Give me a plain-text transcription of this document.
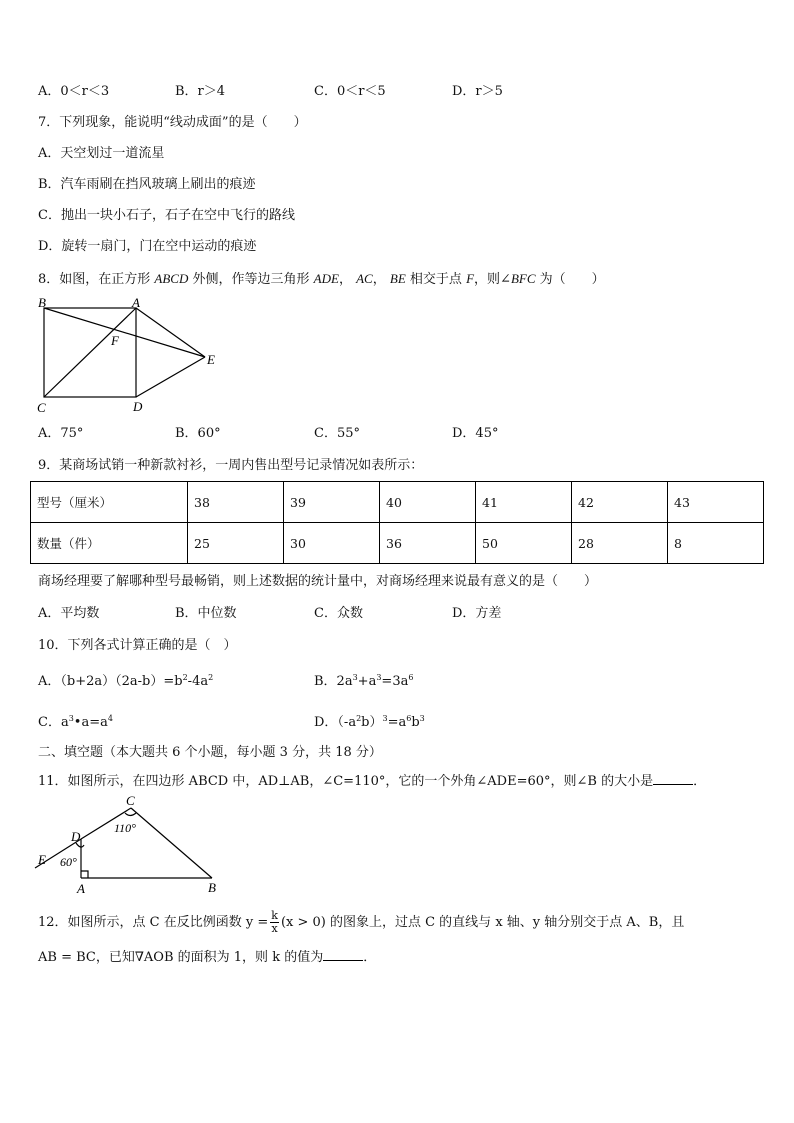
A．0＜r＜3	B．r＞4	C．0＜r＜5	D．r＞5
7．下列现象，能说明“线动成面”的是（　　）
A．天空划过一道流星
B．汽车雨刷在挡风玻璃上刷出的痕迹
C．抛出一块小石子，石子在空中飞行的路线
D．旋转一扇门，门在空中运动的痕迹
8．如图，在正方形 ABCD 外侧，作等边三角形 ADE， AC， BE 相交于点 F，则∠BFC 为（　　）
B	A
F
E
C	D
A．75°	B．60°	C．55°	D．45°
9．某商场试销一种新款衬衫，一周内售出型号记录情况如表所示：
型号（厘米）	38	39	40	41	42	43
数量（件）	25	30	36	50	28	8
商场经理要了解哪种型号最畅销，则上述数据的统计量中，对商场经理来说最有意义的是（　　）
A．平均数	B．中位数	C．众数	D．方差
10．下列各式计算正确的是（　）
A．$(b+2a)(2a-b)=b^2-4a^2$	B．$2a^3+a^3=3a^6$
C．$a^3•a=a^4$	D．$(-a^2b)^3=a^6b^3$
二、填空题（本大题共 6 个小题，每小题 3 分，共 18 分）
11．如图所示，在四边形 ABCD 中，AD⊥AB，∠C=110°，它的一个外角∠ADE=60°，则∠B 的大小是	．
C
110°
D
E 60°
A	B
12．如图所示，点 C 在反比例函数 $y = \frac{k}{x} (x > 0)$ 的图象上，过点 C 的直线与 x 轴、y 轴分别交于点 A、B，且
AB = BC，已知∇AOB 的面积为 1，则 k 的值为	．
